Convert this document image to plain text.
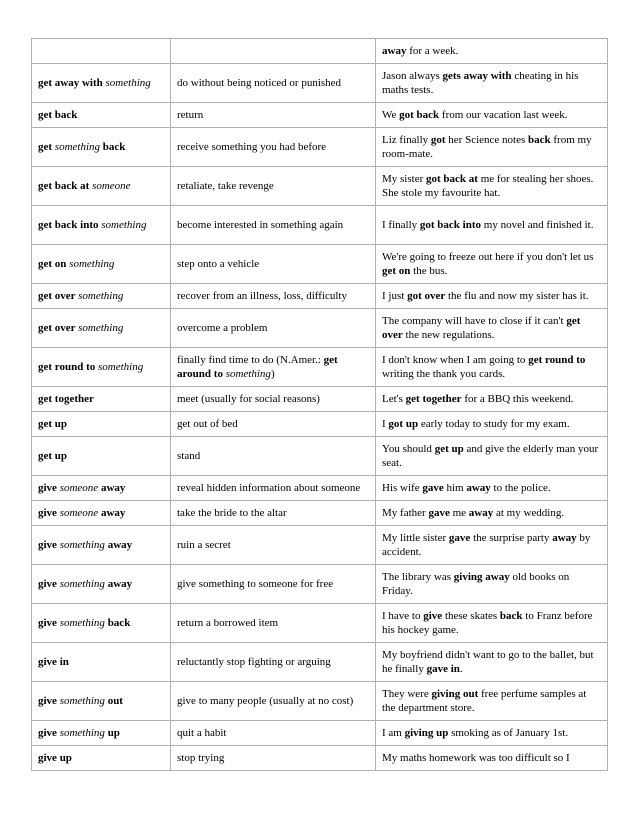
		away for a week.
get away with something	do without being noticed or punished	Jason always gets away with cheating in his maths tests.
get back	return	We got back from our vacation last week.
get something back	receive something you had before	Liz finally got her Science notes back from my room-mate.
get back at someone	retaliate, take revenge	My sister got back at me for stealing her shoes. She stole my favourite hat.
get back into something	become interested in something again	I finally got back into my novel and finished it.
get on something	step onto a vehicle	We're going to freeze out here if you don't let us get on the bus.
get over something	recover from an illness, loss, difficulty	I just got over the flu and now my sister has it.
get over something	overcome a problem	The company will have to close if it can't get over the new regulations.
get round to something	finally find time to do (N.Amer.: get around to something)	I don't know when I am going to get round to writing the thank you cards.
get together	meet (usually for social reasons)	Let's get together for a BBQ this weekend.
get up	get out of bed	I got up early today to study for my exam.
get up	stand	You should get up and give the elderly man your seat.
give someone away	reveal hidden information about someone	His wife gave him away to the police.
give someone away	take the bride to the altar	My father gave me away at my wedding.
give something away	ruin a secret	My little sister gave the surprise party away by accident.
give something away	give something to someone for free	The library was giving away old books on Friday.
give something back	return a borrowed item	I have to give these skates back to Franz before his hockey game.
give in	reluctantly stop fighting or arguing	My boyfriend didn't want to go to the ballet, but he finally gave in.
give something out	give to many people (usually at no cost)	They were giving out free perfume samples at the department store.
give something up	quit a habit	I am giving up smoking as of January 1st.
give up	stop trying	My maths homework was too difficult so I
